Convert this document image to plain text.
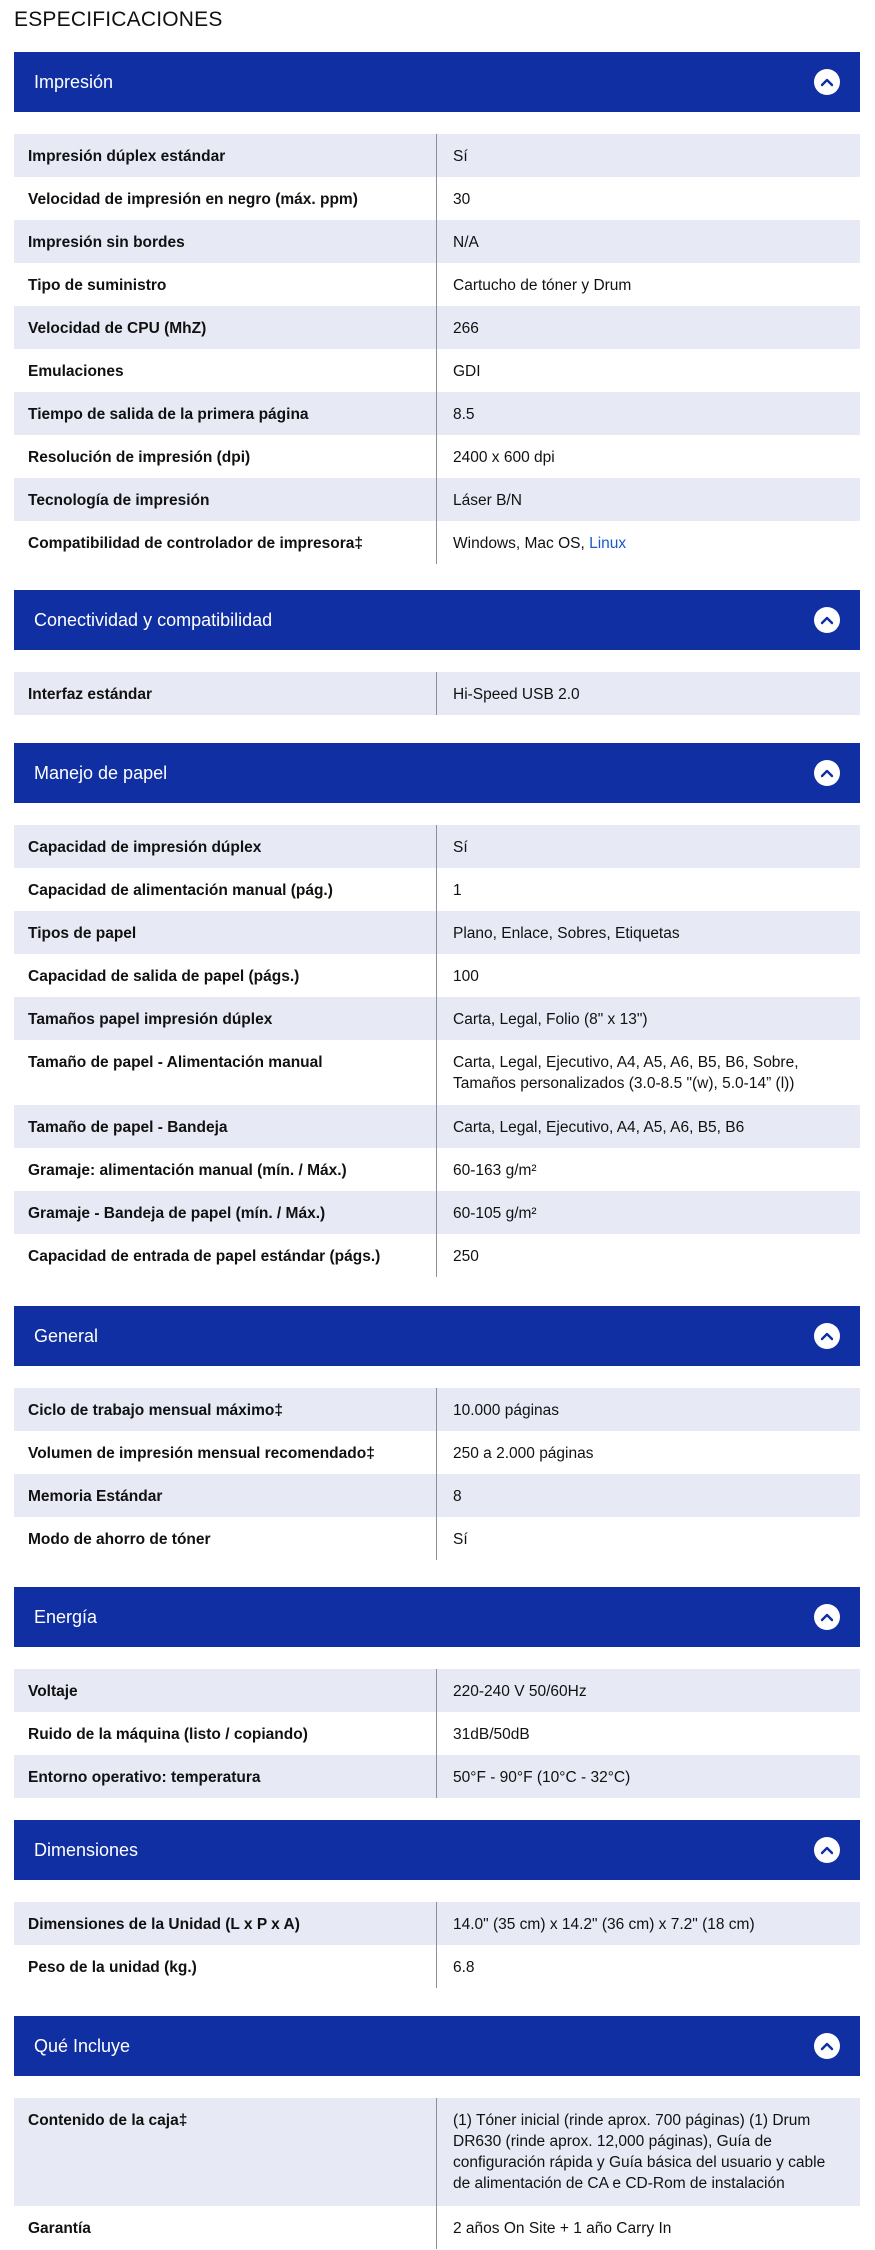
ESPECIFICACIONES
Impresión
Impresión dúplex estándar	Sí
Velocidad de impresión en negro (máx. ppm)	30
Impresión sin bordes	N/A
Tipo de suministro	Cartucho de tóner y Drum
Velocidad de CPU (MhZ)	266
Emulaciones	GDI
Tiempo de salida de la primera página	8.5
Resolución de impresión (dpi)	2400 x 600 dpi
Tecnología de impresión	Láser B/N
Compatibilidad de controlador de impresora‡	Windows, Mac OS, Linux
Conectividad y compatibilidad
Interfaz estándar	Hi-Speed USB 2.0
Manejo de papel
Capacidad de impresión dúplex	Sí
Capacidad de alimentación manual (pág.)	1
Tipos de papel	Plano, Enlace, Sobres, Etiquetas
Capacidad de salida de papel (págs.)	100
Tamaños papel impresión dúplex	Carta, Legal, Folio (8" x 13")
Tamaño de papel - Alimentación manual	Carta, Legal, Ejecutivo, A4, A5, A6, B5, B6, Sobre, Tamaños personalizados (3.0-8.5 "(w), 5.0-14” (l))
Tamaño de papel - Bandeja	Carta, Legal, Ejecutivo, A4, A5, A6, B5, B6
Gramaje: alimentación manual (mín. / Máx.)	60-163 g/m²
Gramaje - Bandeja de papel (mín. / Máx.)	60-105 g/m²
Capacidad de entrada de papel estándar (págs.)	250
General
Ciclo de trabajo mensual máximo‡	10.000 páginas
Volumen de impresión mensual recomendado‡	250 a 2.000 páginas
Memoria Estándar	8
Modo de ahorro de tóner	Sí
Energía
Voltaje	220-240 V 50/60Hz
Ruido de la máquina (listo / copiando)	31dB/50dB
Entorno operativo: temperatura	50°F - 90°F (10°C - 32°C)
Dimensiones
Dimensiones de la Unidad (L x P x A)	14.0" (35 cm) x 14.2" (36 cm) x 7.2" (18 cm)
Peso de la unidad (kg.)	6.8
Qué Incluye
Contenido de la caja‡	(1) Tóner inicial (rinde aprox. 700 páginas) (1) Drum DR630 (rinde aprox. 12,000 páginas), Guía de configuración rápida y Guía básica del usuario y cable de alimentación de CA e CD-Rom de instalación
Garantía	2 años On Site + 1 año Carry In
